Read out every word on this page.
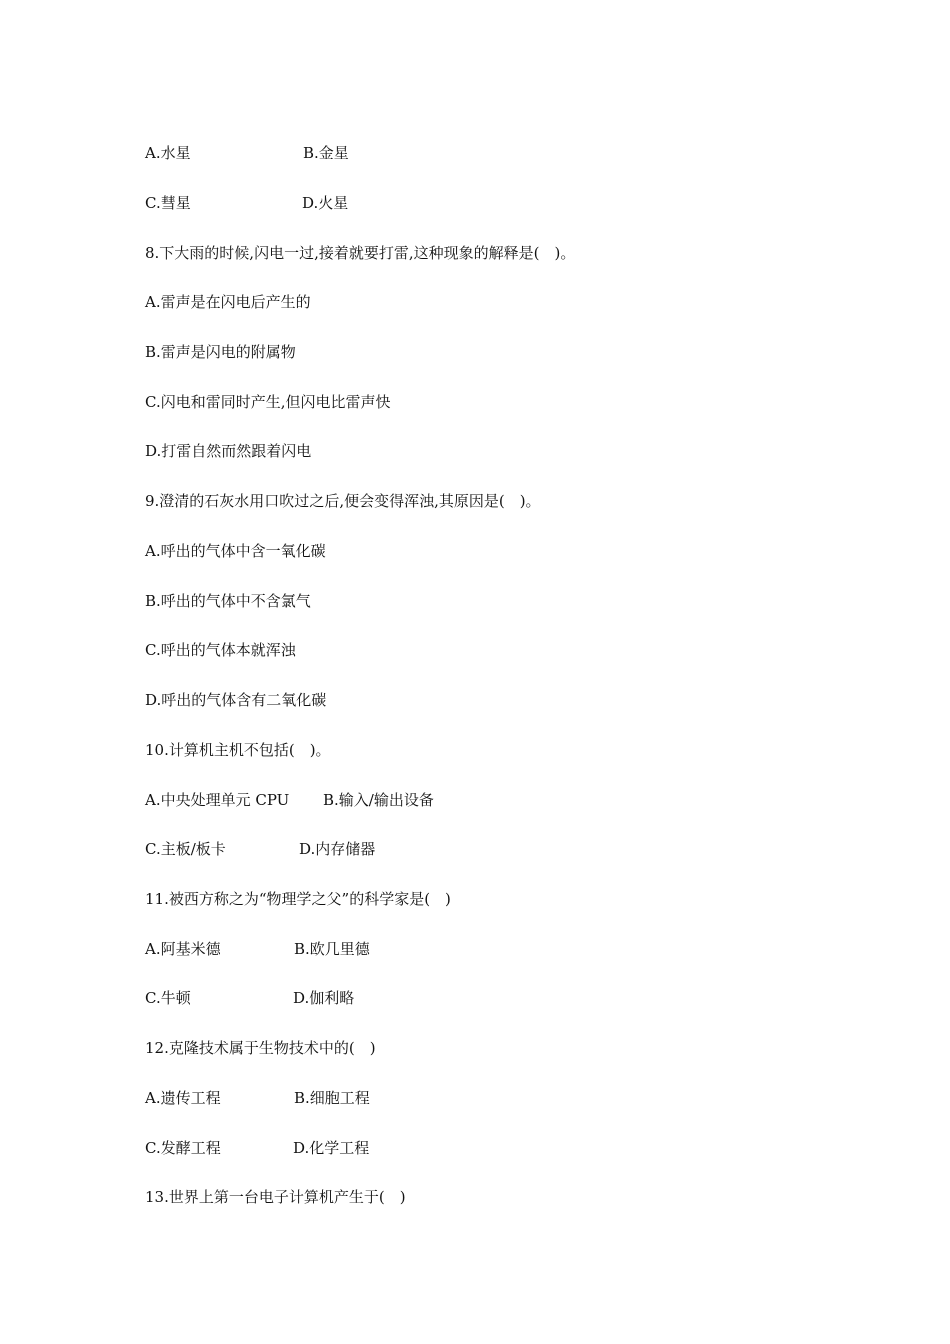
A.水星	B.金星
C.彗星	D.火星
8.下大雨的时候,闪电一过,接着就要打雷,这种现象的解释是(　)。
A.雷声是在闪电后产生的
B.雷声是闪电的附属物
C.闪电和雷同时产生,但闪电比雷声快
D.打雷自然而然跟着闪电
9.澄清的石灰水用口吹过之后,便会变得浑浊,其原因是(　)。
A.呼出的气体中含一氧化碳
B.呼出的气体中不含氯气
C.呼出的气体本就浑浊
D.呼出的气体含有二氧化碳
10.计算机主机不包括(　)。
A.中央处理单元 CPU B.输入/输出设备
C.主板/板卡	D.内存储器
11.被西方称之为“物理学之父”的科学家是(　)
A.阿基米德	B.欧几里德
C.牛顿	D.伽利略
12.克隆技术属于生物技术中的(　)
A.遗传工程	B.细胞工程
C.发酵工程	D.化学工程
13.世界上第一台电子计算机产生于(　)
